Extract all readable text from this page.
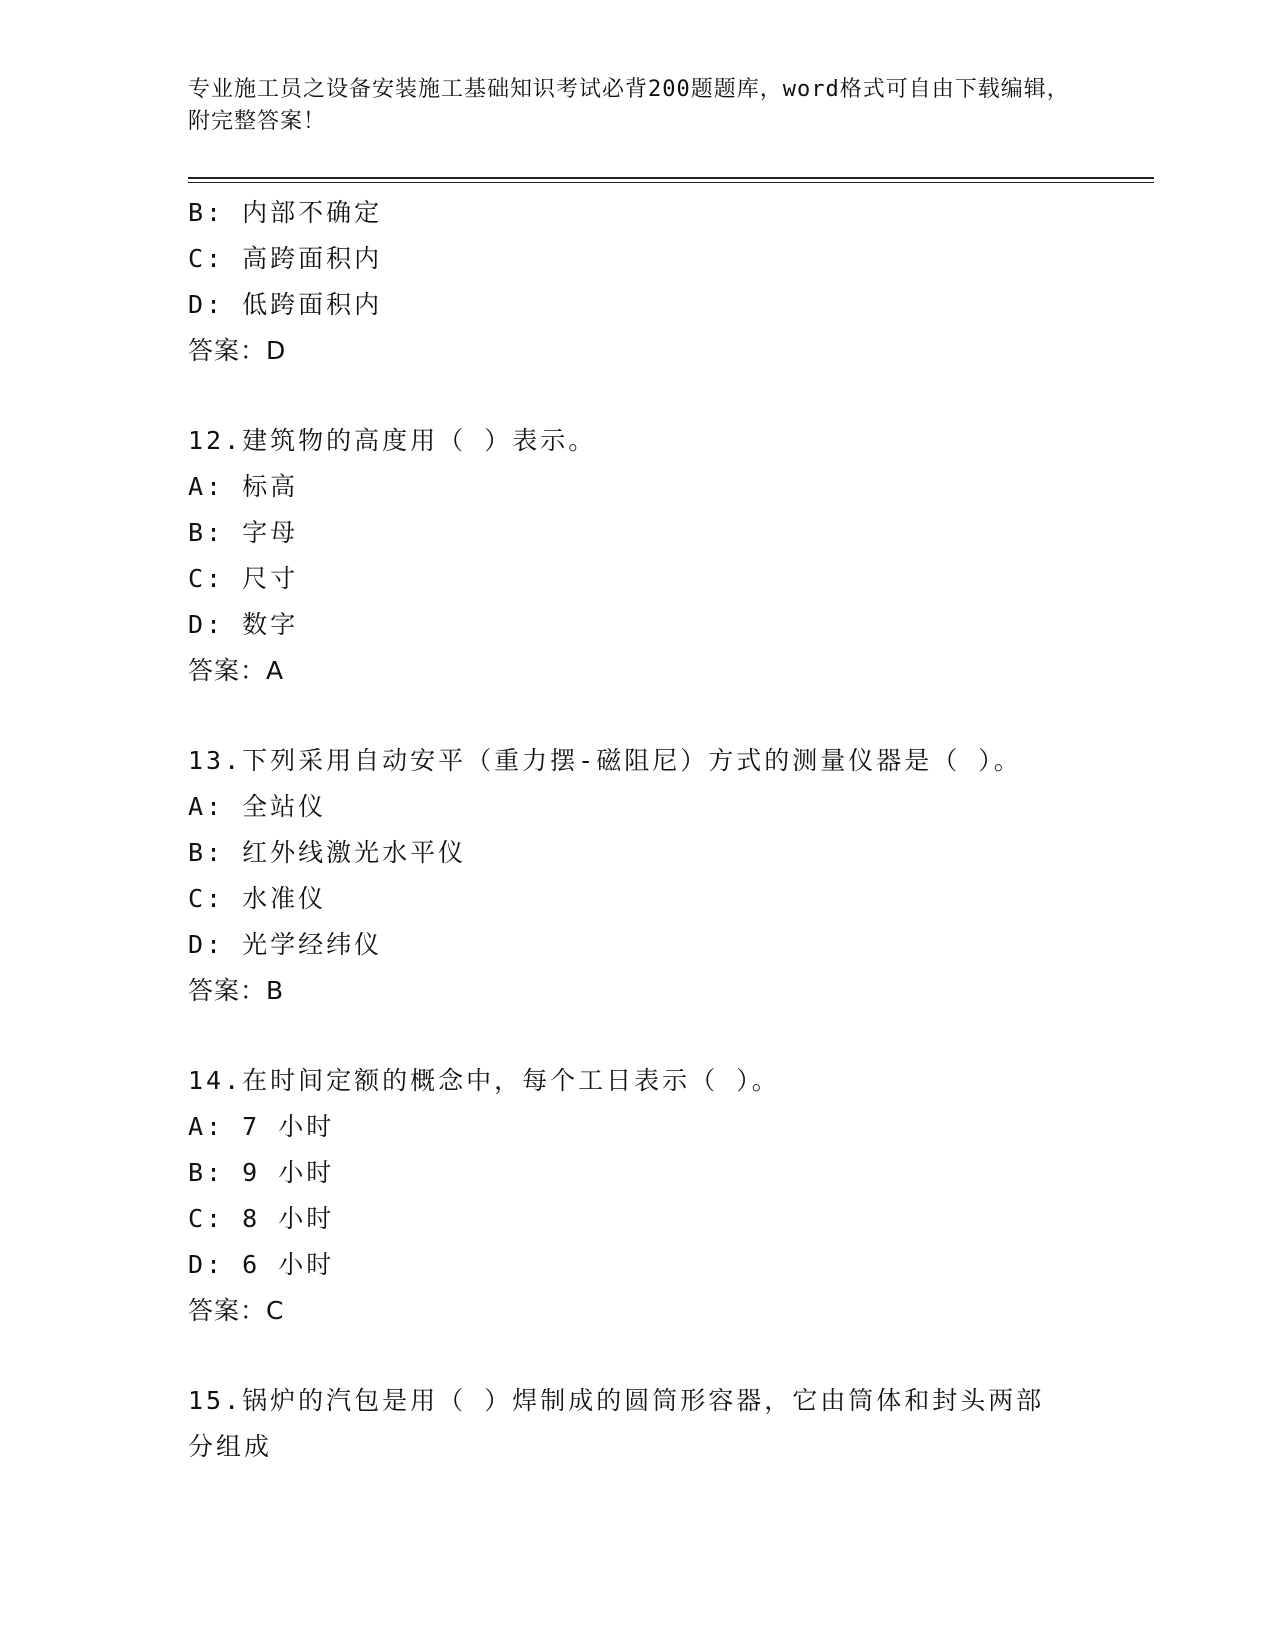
专业施工员之设备安装施工基础知识考试必背200题题库，word格式可自由下载编辑，附完整答案！
B: 内部不确定
C: 高跨面积内
D: 低跨面积内
答案：D
12.建筑物的高度用（ ）表示。
A: 标高
B: 字母
C: 尺寸
D: 数字
答案：A
13.下列采用自动安平（重力摆-磁阻尼）方式的测量仪器是（ ）。
A: 全站仪
B: 红外线激光水平仪
C: 水准仪
D: 光学经纬仪
答案：B
14.在时间定额的概念中，每个工日表示（ ）。
A: 7 小时
B: 9 小时
C: 8 小时
D: 6 小时
答案：C
15.锅炉的汽包是用（ ）焊制成的圆筒形容器，它由筒体和封头两部分组成
